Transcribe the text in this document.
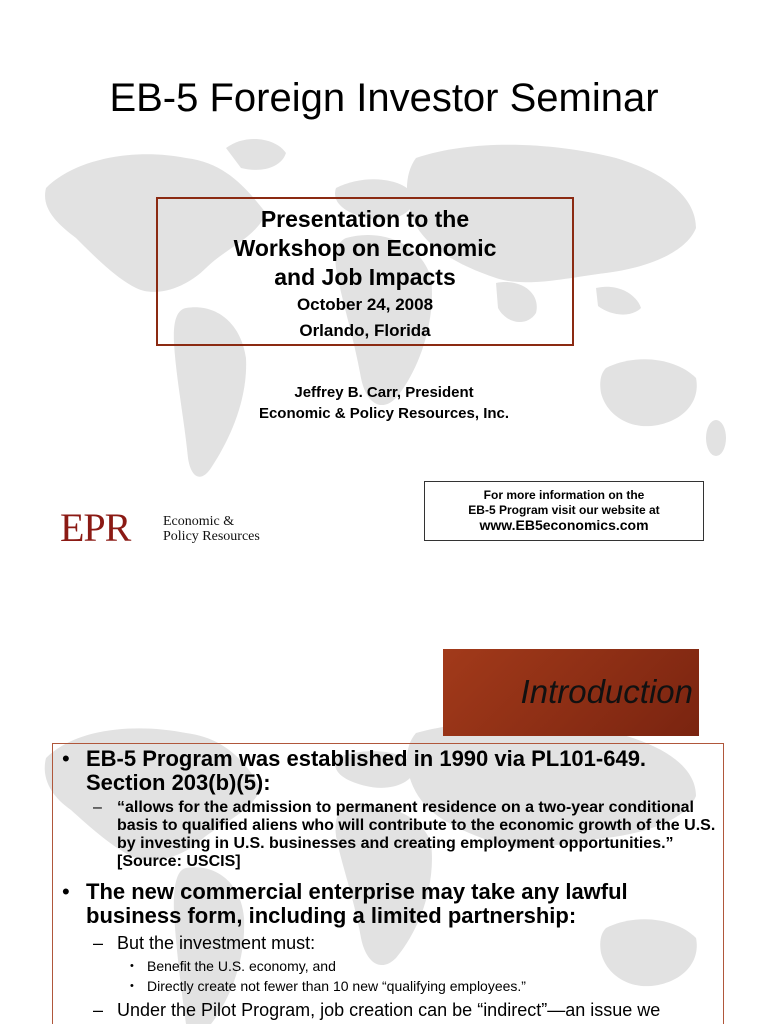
EB-5 Foreign Investor Seminar
Presentation to the
Workshop on Economic
and Job Impacts
October 24, 2008
Orlando, Florida
Jeffrey B. Carr, President
Economic & Policy Resources, Inc.
EPR Economic &
Policy Resources
For more information on the
EB-5 Program visit our website at
www.EB5economics.com
Introduction
• EB-5 Program was established in 1990 via PL101-649. Section 203(b)(5):
– “allows for the admission to permanent residence on a two-year conditional basis to qualified aliens who will contribute to the economic growth of the U.S. by investing in U.S. businesses and creating employment opportunities.” [Source: USCIS]
• The new commercial enterprise may take any lawful business form, including a limited partnership:
– But the investment must:
• Benefit the U.S. economy, and
• Directly create not fewer than 10 new “qualifying employees.”
– Under the Pilot Program, job creation can be “indirect”—an issue we
